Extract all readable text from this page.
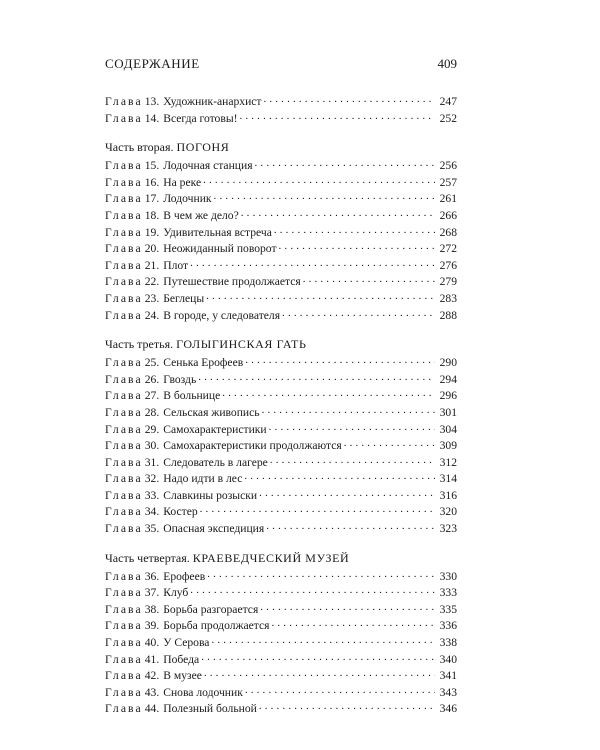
СОДЕРЖАНИЕ	409
Глава 13. Художник-анархист . . .	247
Глава 14. Всегда готовы! . . .	252
Часть вторая. ПОГОНЯ
Глава 15. Лодочная станция . . .	256
Глава 16. На реке . . .	257
Глава 17. Лодочник . . .	261
Глава 18. В чем же дело? . . .	266
Глава 19. Удивительная встреча . . .	268
Глава 20. Неожиданный поворот . . .	272
Глава 21. Плот . . .	276
Глава 22. Путешествие продолжается . . .	279
Глава 23. Беглецы . . .	283
Глава 24. В городе, у следователя . . .	288
Часть третья. ГОЛЫГИНСКАЯ ГАТЬ
Глава 25. Сенька Ерофеев . . .	290
Глава 26. Гвоздь . . .	294
Глава 27. В больнице . . .	296
Глава 28. Сельская живопись . . .	301
Глава 29. Самохарактеристики . . .	304
Глава 30. Самохарактеристики продолжаются . . .	309
Глава 31. Следователь в лагере . . .	312
Глава 32. Надо идти в лес . . .	314
Глава 33. Славкины розыски . . .	316
Глава 34. Костер . . .	320
Глава 35. Опасная экспедиция . . .	323
Часть четвертая. КРАЕВЕДЧЕСКИЙ МУЗЕЙ
Глава 36. Ерофеев . . .	330
Глава 37. Клуб . . .	333
Глава 38. Борьба разгорается . . .	335
Глава 39. Борьба продолжается . . .	336
Глава 40. У Серова . . .	338
Глава 41. Победа . . .	340
Глава 42. В музее . . .	341
Глава 43. Снова лодочник . . .	343
Глава 44. Полезный больной . . .	346
